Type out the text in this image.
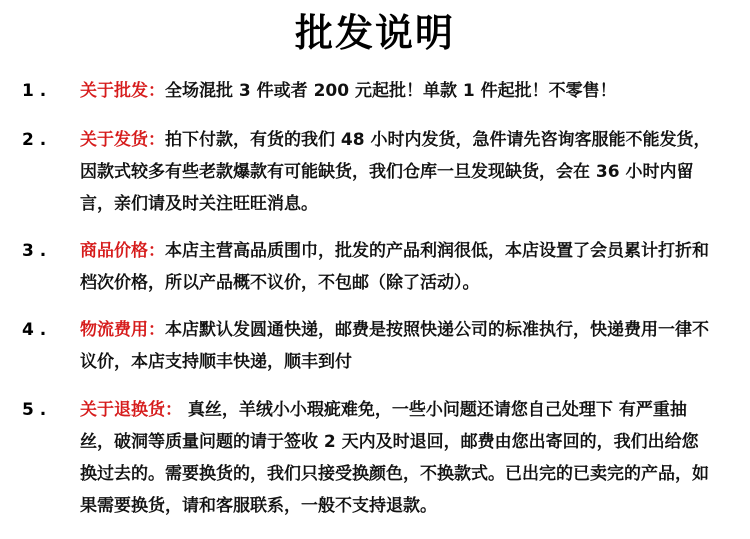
批发说明
1 . 关于批发：全场混批 3 件或者 200 元起批！单款 1 件起批！不零售！
2 . 关于发货：拍下付款，有货的我们 48 小时内发货，急件请先咨询客服能不能发货，因款式较多有些老款爆款有可能缺货，我们仓库一旦发现缺货，会在 36 小时内留言，亲们请及时关注旺旺消息。
3 . 商品价格：本店主营高品质围巾，批发的产品利润很低，本店设置了会员累计打折和档次价格，所以产品概不议价，不包邮（除了活动）。
4 . 物流费用：本店默认发圆通快递，邮费是按照快递公司的标准执行，快递费用一律不议价，本店支持顺丰快递，顺丰到付
5 . 关于退换货： 真丝，羊绒小小瑕疵难免，一些小问题还请您自己处理下 有严重抽丝，破洞等质量问题的请于签收 2 天内及时退回，邮费由您出寄回的，我们出给您换过去的。需要换货的，我们只接受换颜色，不换款式。已出完的已卖完的产品，如果需要换货，请和客服联系，一般不支持退款。
